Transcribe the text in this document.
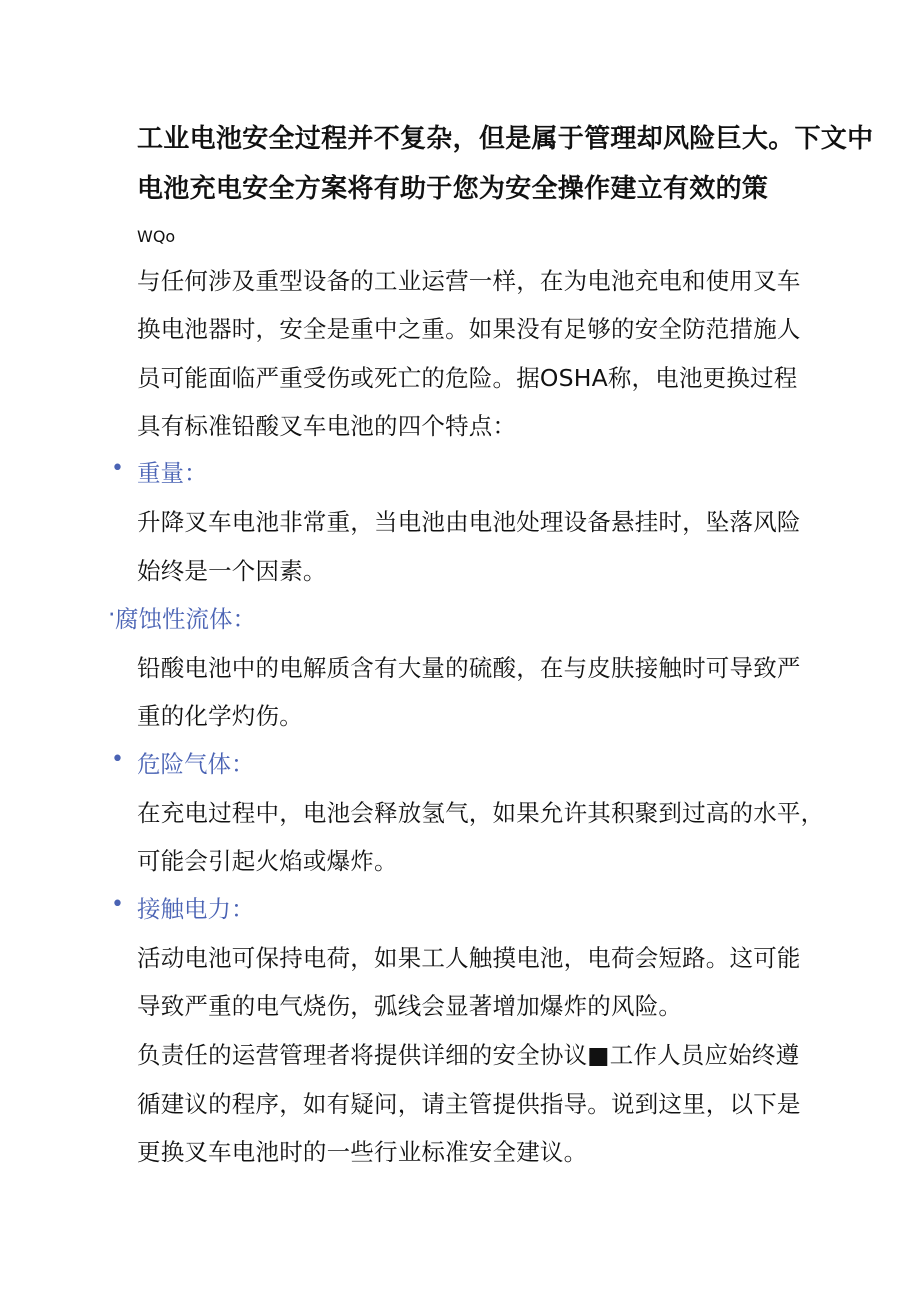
工业电池安全过程并不复杂，但是属于管理却风险巨大。下文中
电池充电安全方案将有助于您为安全操作建立有效的策
WQo
与任何涉及重型设备的工业运营一样，在为电池充电和使用叉车
换电池器时，安全是重中之重。如果没有足够的安全防范措施人
员可能面临严重受伤或死亡的危险。据OSHA称，电池更换过程
具有标准铅酸叉车电池的四个特点：
• 重量：
升降叉车电池非常重，当电池由电池处理设备悬挂时，坠落风险
始终是一个因素。
· 腐蚀性流体：
铅酸电池中的电解质含有大量的硫酸，在与皮肤接触时可导致严
重的化学灼伤。
• 危险气体：
在充电过程中，电池会释放氢气，如果允许其积聚到过高的水平，
可能会引起火焰或爆炸。
• 接触电力：
活动电池可保持电荷，如果工人触摸电池，电荷会短路。这可能
导致严重的电气烧伤，弧线会显著增加爆炸的风险。
负责任的运营管理者将提供详细的安全协议■工作人员应始终遵
循建议的程序，如有疑问，请主管提供指导。说到这里，以下是
更换叉车电池时的一些行业标准安全建议。
